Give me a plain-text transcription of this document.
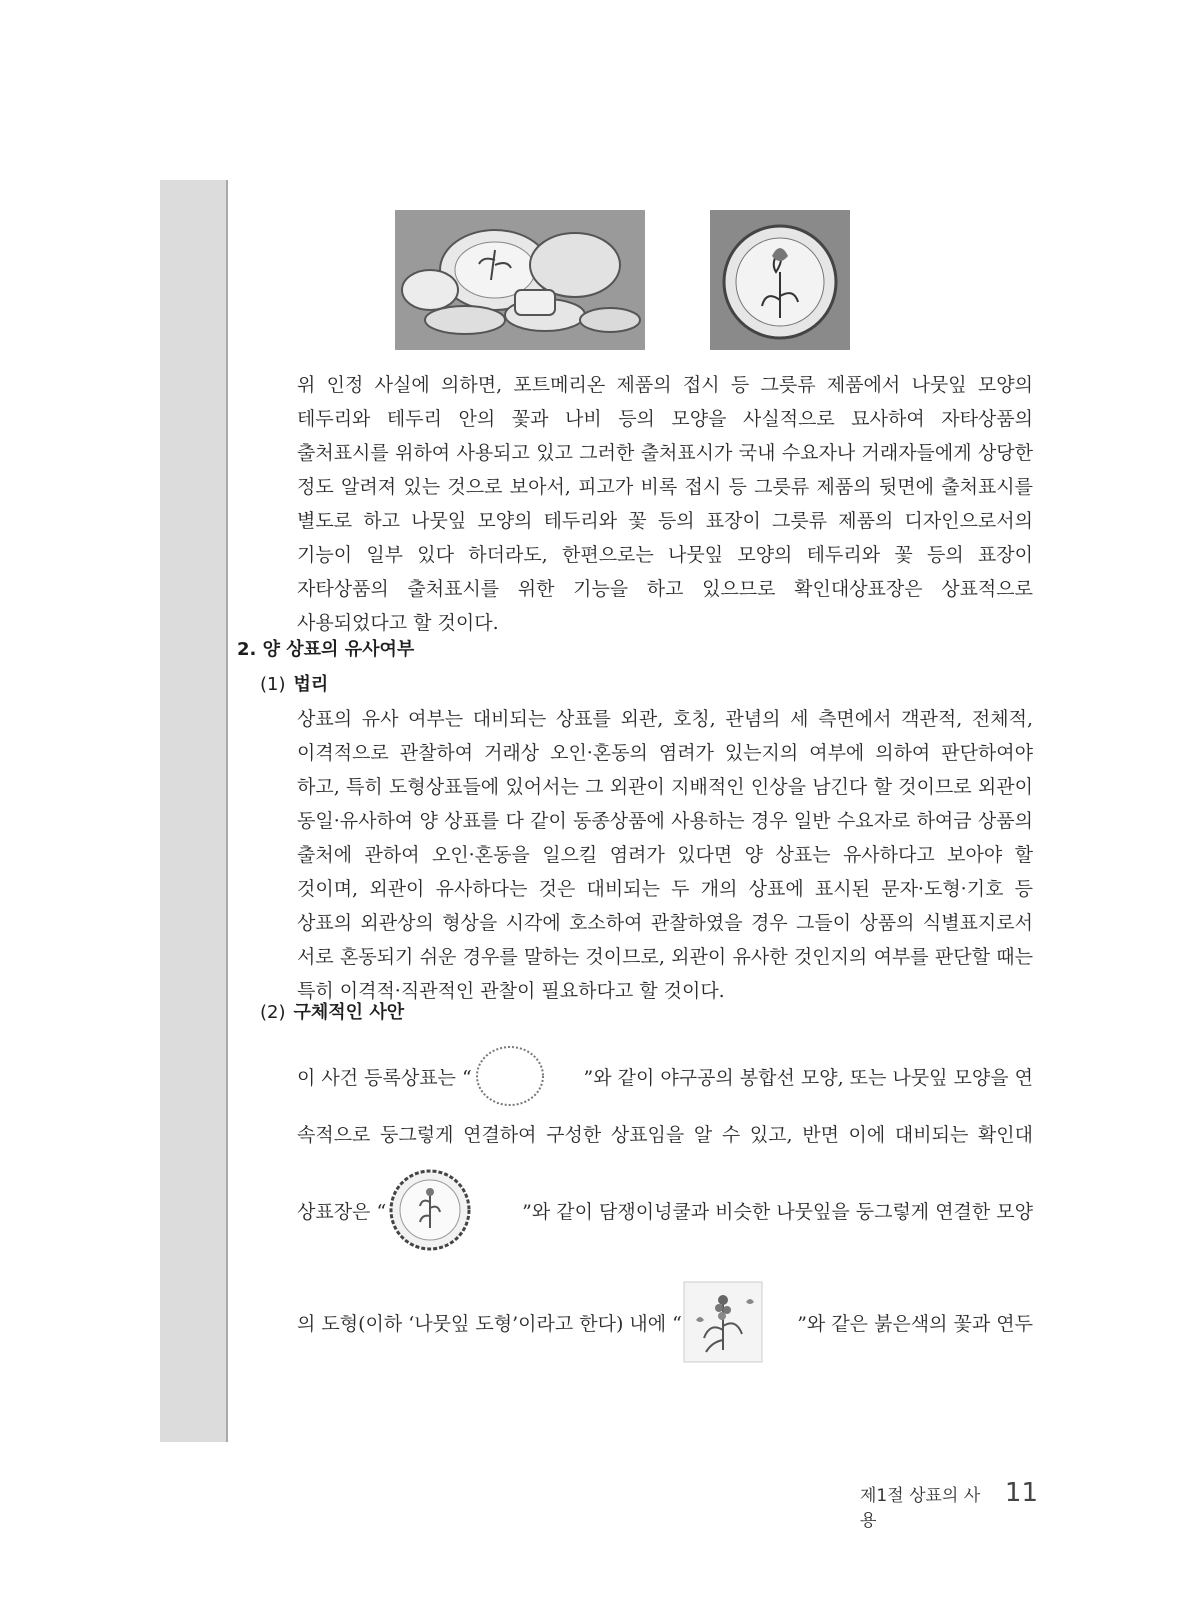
위 인정 사실에 의하면, 포트메리온 제품의 접시 등 그릇류 제품에서 나뭇잎 모양의 테두리와 테두리 안의 꽃과 나비 등의 모양을 사실적으로 묘사하여 자타상품의 출처표시를 위하여 사용되고 있고 그러한 출처표시가 국내 수요자나 거래자들에게 상당한 정도 알려져 있는 것으로 보아서, 피고가 비록 접시 등 그릇류 제품의 뒷면에 출처표시를 별도로 하고 나뭇잎 모양의 테두리와 꽃 등의 표장이 그릇류 제품의 디자인으로서의 기능이 일부 있다 하더라도, 한편으로는 나뭇잎 모양의 테두리와 꽃 등의 표장이 자타상품의 출처표시를 위한 기능을 하고 있으므로 확인대상표장은 상표적으로 사용되었다고 할 것이다.
2. 양 상표의 유사여부
(1) 법리
상표의 유사 여부는 대비되는 상표를 외관, 호칭, 관념의 세 측면에서 객관적, 전체적, 이격적으로 관찰하여 거래상 오인·혼동의 염려가 있는지의 여부에 의하여 판단하여야 하고, 특히 도형상표들에 있어서는 그 외관이 지배적인 인상을 남긴다 할 것이므로 외관이 동일·유사하여 양 상표를 다 같이 동종상품에 사용하는 경우 일반 수요자로 하여금 상품의 출처에 관하여 오인·혼동을 일으킬 염려가 있다면 양 상표는 유사하다고 보아야 할 것이며, 외관이 유사하다는 것은 대비되는 두 개의 상표에 표시된 문자·도형·기호 등 상표의 외관상의 형상을 시각에 호소하여 관찰하였을 경우 그들이 상품의 식별표지로서 서로 혼동되기 쉬운 경우를 말하는 것이므로, 외관이 유사한 것인지의 여부를 판단할 때는 특히 이격적·직관적인 관찰이 필요하다고 할 것이다.
(2) 구체적인 사안
이 사건 등록상표는 “	”와 같이 야구공의 봉합선 모양, 또는 나뭇잎 모양을 연
속적으로 둥그렇게 연결하여 구성한 상표임을 알 수 있고, 반면 이에 대비되는 확인대
상표장은 “	”와 같이 담쟁이넝쿨과 비슷한 나뭇잎을 둥그렇게 연결한 모양
의 도형(이하 ‘나뭇잎 도형’이라고 한다) 내에 “	”와 같은 붉은색의 꽃과 연두
제1절 상표의 사용
11
